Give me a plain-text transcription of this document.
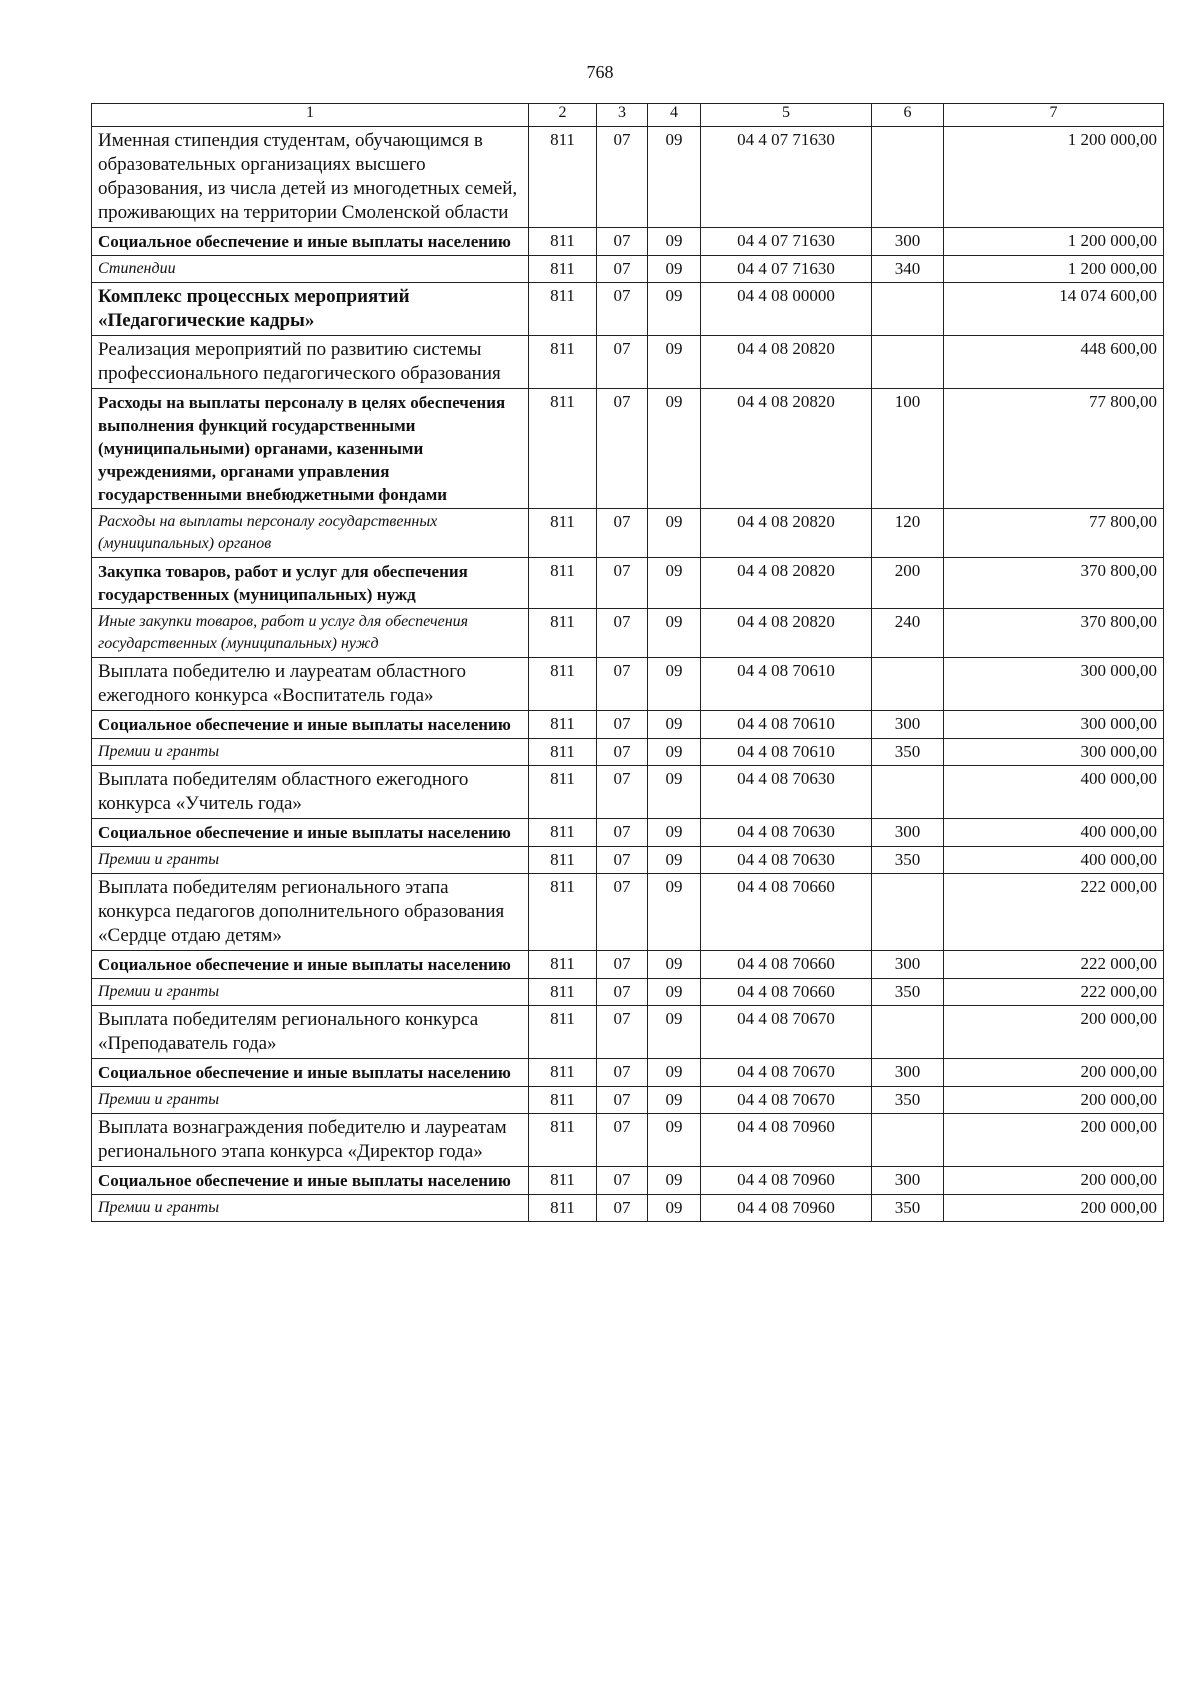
768
1	2	3	4	5	6	7
Именная стипендия студентам, обучающимся в образовательных организациях высшего образования, из числа детей из многодетных семей, проживающих на территории Смоленской области	811	07	09	04 4 07 71630		1 200 000,00
Социальное обеспечение и иные выплаты населению	811	07	09	04 4 07 71630	300	1 200 000,00
Стипендии	811	07	09	04 4 07 71630	340	1 200 000,00
Комплекс процессных мероприятий «Педагогические кадры»	811	07	09	04 4 08 00000		14 074 600,00
Реализация мероприятий по развитию системы профессионального педагогического образования	811	07	09	04 4 08 20820		448 600,00
Расходы на выплаты персоналу в целях обеспечения выполнения функций государственными (муниципальными) органами, казенными учреждениями, органами управления государственными внебюджетными фондами	811	07	09	04 4 08 20820	100	77 800,00
Расходы на выплаты персоналу государственных (муниципальных) органов	811	07	09	04 4 08 20820	120	77 800,00
Закупка товаров, работ и услуг для обеспечения государственных (муниципальных) нужд	811	07	09	04 4 08 20820	200	370 800,00
Иные закупки товаров, работ и услуг для обеспечения государственных (муниципальных) нужд	811	07	09	04 4 08 20820	240	370 800,00
Выплата победителю и лауреатам областного ежегодного конкурса «Воспитатель года»	811	07	09	04 4 08 70610		300 000,00
Социальное обеспечение и иные выплаты населению	811	07	09	04 4 08 70610	300	300 000,00
Премии и гранты	811	07	09	04 4 08 70610	350	300 000,00
Выплата победителям областного ежегодного конкурса «Учитель года»	811	07	09	04 4 08 70630		400 000,00
Социальное обеспечение и иные выплаты населению	811	07	09	04 4 08 70630	300	400 000,00
Премии и гранты	811	07	09	04 4 08 70630	350	400 000,00
Выплата победителям регионального этапа конкурса педагогов дополнительного образования «Сердце отдаю детям»	811	07	09	04 4 08 70660		222 000,00
Социальное обеспечение и иные выплаты населению	811	07	09	04 4 08 70660	300	222 000,00
Премии и гранты	811	07	09	04 4 08 70660	350	222 000,00
Выплата победителям регионального конкурса «Преподаватель года»	811	07	09	04 4 08 70670		200 000,00
Социальное обеспечение и иные выплаты населению	811	07	09	04 4 08 70670	300	200 000,00
Премии и гранты	811	07	09	04 4 08 70670	350	200 000,00
Выплата вознаграждения победителю и лауреатам регионального этапа конкурса «Директор года»	811	07	09	04 4 08 70960		200 000,00
Социальное обеспечение и иные выплаты населению	811	07	09	04 4 08 70960	300	200 000,00
Премии и гранты	811	07	09	04 4 08 70960	350	200 000,00
